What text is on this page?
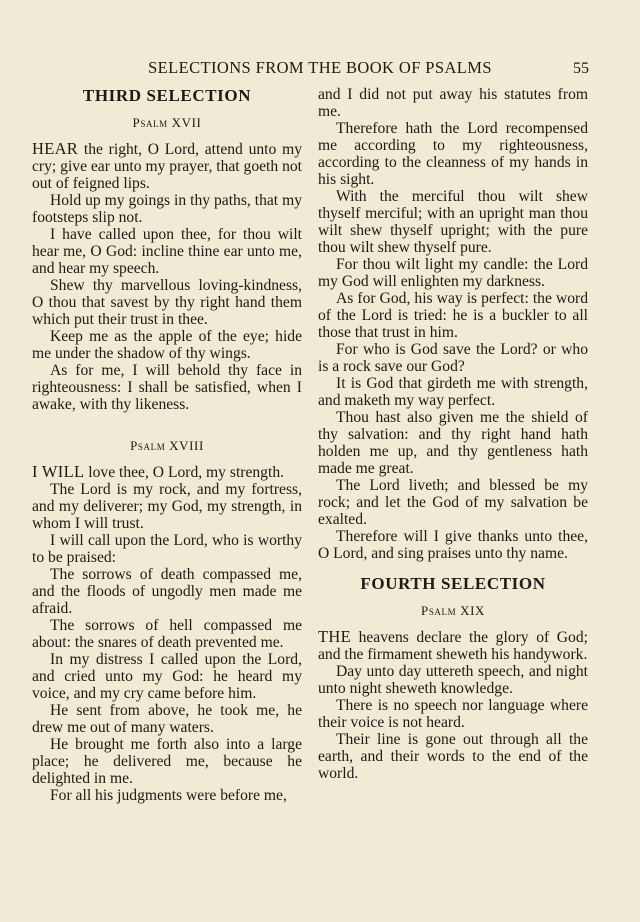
SELECTIONS FROM THE BOOK OF PSALMS	55
THIRD SELECTION
Psalm XVII

HEAR the right, O Lord, attend unto my cry; give ear unto my prayer, that goeth not out of feigned lips.

Hold up my goings in thy paths, that my footsteps slip not.

I have called upon thee, for thou wilt hear me, O God: incline thine ear unto me, and hear my speech.

Shew thy marvellous loving-kindness, O thou that savest by thy right hand them which put their trust in thee.

Keep me as the apple of the eye; hide me under the shadow of thy wings.

As for me, I will behold thy face in righteousness: I shall be satisfied, when I awake, with thy likeness.

Psalm XVIII

I WILL love thee, O Lord, my strength.

The Lord is my rock, and my fortress, and my deliverer; my God, my strength, in whom I will trust.

I will call upon the Lord, who is worthy to be praised:

The sorrows of death compassed me, and the floods of ungodly men made me afraid.

The sorrows of hell compassed me about: the snares of death prevented me.

In my distress I called upon the Lord, and cried unto my God: he heard my voice, and my cry came before him.

He sent from above, he took me, he drew me out of many waters.

He brought me forth also into a large place; he delivered me, because he delighted in me.

For all his judgments were before me,

and I did not put away his statutes from me.

Therefore hath the Lord recompensed me according to my righteousness, according to the cleanness of my hands in his sight.

With the merciful thou wilt shew thyself merciful; with an upright man thou wilt shew thyself upright; with the pure thou wilt shew thyself pure.

For thou wilt light my candle: the Lord my God will enlighten my darkness.

As for God, his way is perfect: the word of the Lord is tried: he is a buckler to all those that trust in him.

For who is God save the Lord? or who is a rock save our God?

It is God that girdeth me with strength, and maketh my way perfect.

Thou hast also given me the shield of thy salvation: and thy right hand hath holden me up, and thy gentleness hath made me great.

The Lord liveth; and blessed be my rock; and let the God of my salvation be exalted.

Therefore will I give thanks unto thee, O Lord, and sing praises unto thy name.

FOURTH SELECTION
Psalm XIX

THE heavens declare the glory of God; and the firmament sheweth his handywork.

Day unto day uttereth speech, and night unto night sheweth knowledge.

There is no speech nor language where their voice is not heard.

Their line is gone out through all the earth, and their words to the end of the world.
